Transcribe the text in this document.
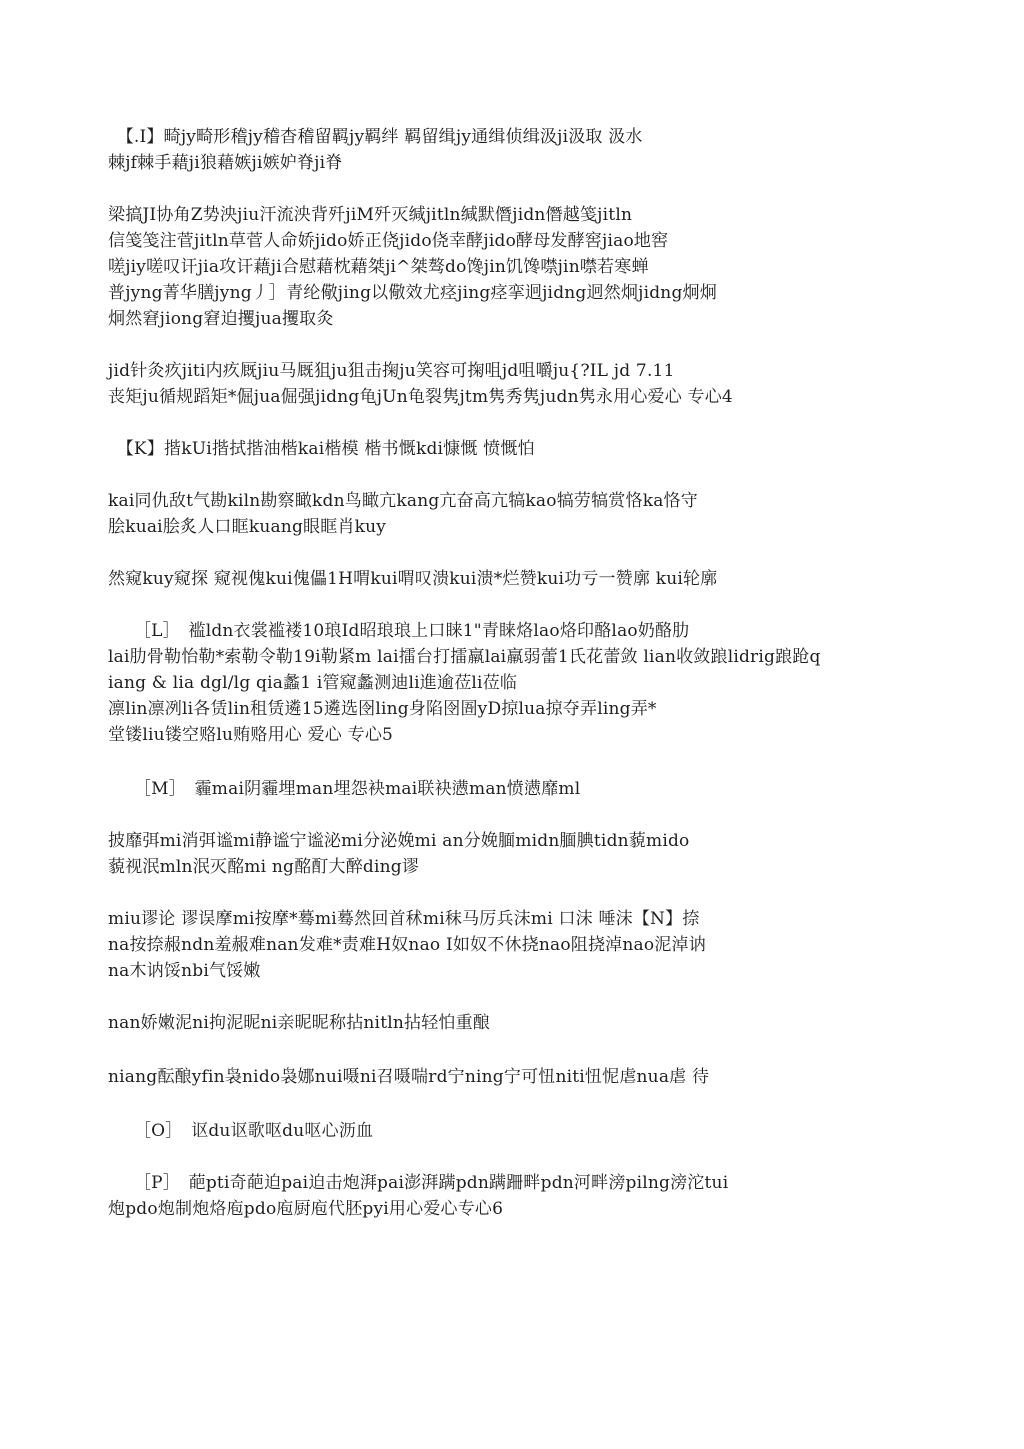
　【.I】畸jy畸形稽jy稽杳稽留羁jy羁绊 羁留缉jy通缉侦缉汲ji汲取 汲水
棘jf棘手藉ji狼藉嫉ji嫉妒脊ji脊
梁搞JI协角Z势泱jiu汗流泱背歼jiM歼灭缄jitln缄默僭jidn僭越笺jitln
信笺笺注菅jitln草菅人命娇jido娇正侥jido侥幸酵jido酵母发酵窖jiao地窖
嗟jiy嗟叹讦jia攻讦藉ji合慰藉枕藉桀ji^桀骜do馋jin饥馋噤jin噤若寒蝉
普jyng菁华膳jyng丿］青纶儆jing以儆效尤痉jing痉挛迥jidng迥然炯jidng炯炯
炯然窘jiong窘迫攫jua攫取灸
jid针灸疚jiti内疚厩jiu马厩狙ju狙击掬ju笑容可掬咀jd咀嚼ju{?IL jd 7.11
丧矩ju循规蹈矩*倔jua倔强jidng龟jUn龟裂隽jtm隽秀隽judn隽永用心爱心 专心4
　【K】揩kUi揩拭揩油楷kai楷模 楷书慨kdi慷慨 愤慨怕
kai同仇敌t气勘kiln勘察瞰kdn鸟瞰亢kang亢奋高亢犒kao犒劳犒赏恪ka恪守
脍kuai脍炙人口眶kuang眼眶肖kuy
然窥kuy窥探 窥视傀kui傀儡1H喟kui喟叹溃kui溃*烂赞kui功亏一赞廓 kui轮廓
　　［L］　褴ldn衣裳褴褛10琅Id昭琅琅上口睐1"青睐烙lao烙印酪lao奶酪肋
lai肋骨勒怡勒*索勒令勒19i勒紧m lai擂台打擂羸lai羸弱蕾1氏花蕾敛 lian收敛踉lidrig踉跄q
iang & lia dgl/lg qia蠡1 i管窥蠡测迪li進逾莅li莅临
凛lin凛冽li各赁lin租赁遴15遴选囹ling身陷囹圄yD掠lua掠夺弄ling弄*
堂镂liu镂空赂lu贿赂用心 爱心 专心5
　　［M］　霾mai阴霾埋man埋怨袂mai联袂懑man愤懑靡ml
披靡弭mi消弭谧mi静谧宁谧泌mi分泌娩mi an分娩腼midn腼腆tidn藐mido
藐视泯mln泯灭酩mi ng酩酊大醉ding谬
miu谬论 谬误摩mi按摩*蓦mi蓦然回首秫mi秣马厉兵沫mi 口沫 唾沫【N】捺
na按捺赧ndn羞赧难nan发难*责难H奴nao I如奴不休挠nao阻挠淖nao泥淖讷
na木讷馁nbi气馁嫩
nan娇嫩泥ni拘泥昵ni亲昵昵称拈nitln拈轻怕重酿
niang酝酿yfin袅nido袅娜nui嗫ni召嗫喘rd宁ning宁可忸niti忸怩虐nua虐 待
　　［O］　讴du讴歌呕du呕心沥血
　　［P］　葩pti奇葩迫pai迫击炮湃pai澎湃蹒pdn蹒跚畔pdn河畔滂pilng滂沱tui
炮pdo炮制炮烙庖pdo庖厨庖代胚pyi用心爱心专心6
